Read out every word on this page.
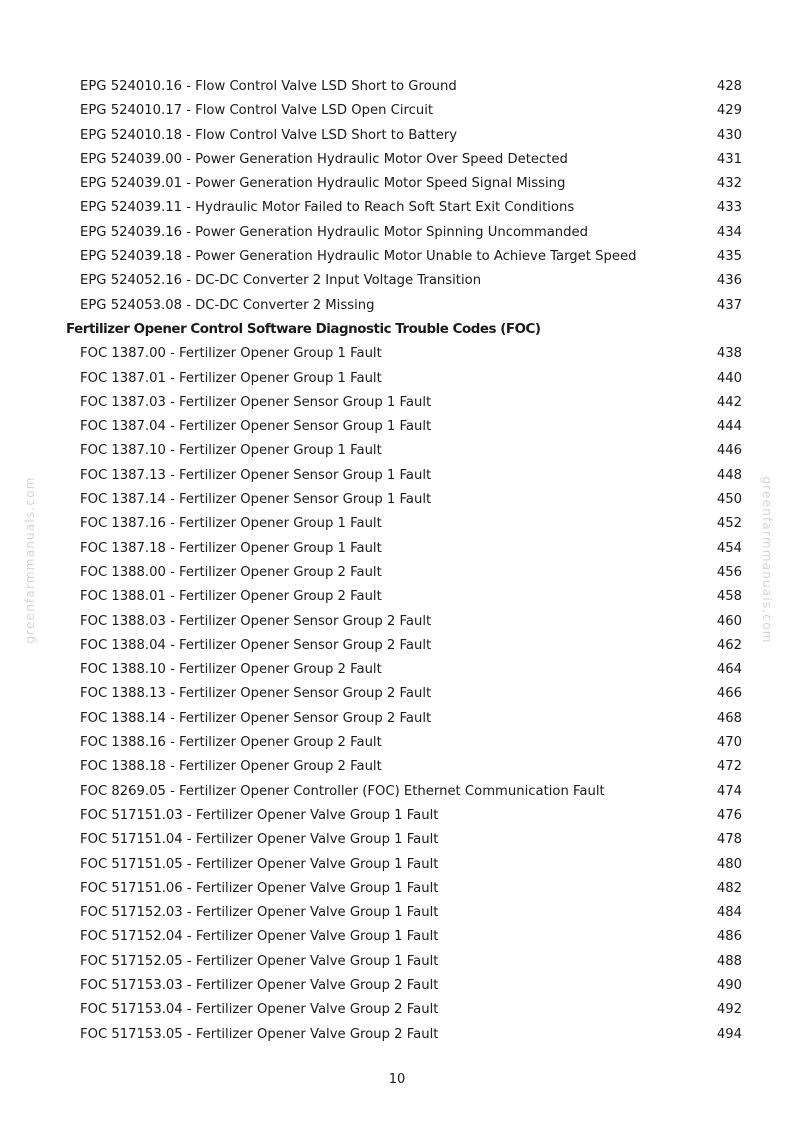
EPG 524010.16 - Flow Control Valve LSD Short to Ground	428
EPG 524010.17 - Flow Control Valve LSD Open Circuit	429
EPG 524010.18 - Flow Control Valve LSD Short to Battery	430
EPG 524039.00 - Power Generation Hydraulic Motor Over Speed Detected	431
EPG 524039.01 - Power Generation Hydraulic Motor Speed Signal Missing	432
EPG 524039.11 - Hydraulic Motor Failed to Reach Soft Start Exit Conditions	433
EPG 524039.16 - Power Generation Hydraulic Motor Spinning Uncommanded	434
EPG 524039.18 - Power Generation Hydraulic Motor Unable to Achieve Target Speed	435
EPG 524052.16 - DC-DC Converter 2 Input Voltage Transition	436
EPG 524053.08 - DC-DC Converter 2 Missing	437
Fertilizer Opener Control Software Diagnostic Trouble Codes (FOC)
FOC 1387.00 - Fertilizer Opener Group 1 Fault	438
FOC 1387.01 - Fertilizer Opener Group 1 Fault	440
FOC 1387.03 - Fertilizer Opener Sensor Group 1 Fault	442
FOC 1387.04 - Fertilizer Opener Sensor Group 1 Fault	444
FOC 1387.10 - Fertilizer Opener Group 1 Fault	446
FOC 1387.13 - Fertilizer Opener Sensor Group 1 Fault	448
FOC 1387.14 - Fertilizer Opener Sensor Group 1 Fault	450
FOC 1387.16 - Fertilizer Opener Group 1 Fault	452
FOC 1387.18 - Fertilizer Opener Group 1 Fault	454
FOC 1388.00 - Fertilizer Opener Group 2 Fault	456
FOC 1388.01 - Fertilizer Opener Group 2 Fault	458
FOC 1388.03 - Fertilizer Opener Sensor Group 2 Fault	460
FOC 1388.04 - Fertilizer Opener Sensor Group 2 Fault	462
FOC 1388.10 - Fertilizer Opener Group 2 Fault	464
FOC 1388.13 - Fertilizer Opener Sensor Group 2 Fault	466
FOC 1388.14 - Fertilizer Opener Sensor Group 2 Fault	468
FOC 1388.16 - Fertilizer Opener Group 2 Fault	470
FOC 1388.18 - Fertilizer Opener Group 2 Fault	472
FOC 8269.05 - Fertilizer Opener Controller (FOC) Ethernet Communication Fault	474
FOC 517151.03 - Fertilizer Opener Valve Group 1 Fault	476
FOC 517151.04 - Fertilizer Opener Valve Group 1 Fault	478
FOC 517151.05 - Fertilizer Opener Valve Group 1 Fault	480
FOC 517151.06 - Fertilizer Opener Valve Group 1 Fault	482
FOC 517152.03 - Fertilizer Opener Valve Group 1 Fault	484
FOC 517152.04 - Fertilizer Opener Valve Group 1 Fault	486
FOC 517152.05 - Fertilizer Opener Valve Group 1 Fault	488
FOC 517153.03 - Fertilizer Opener Valve Group 2 Fault	490
FOC 517153.04 - Fertilizer Opener Valve Group 2 Fault	492
FOC 517153.05 - Fertilizer Opener Valve Group 2 Fault	494
greenfarmmanuals.com	greenfarmmanuals.com
10
